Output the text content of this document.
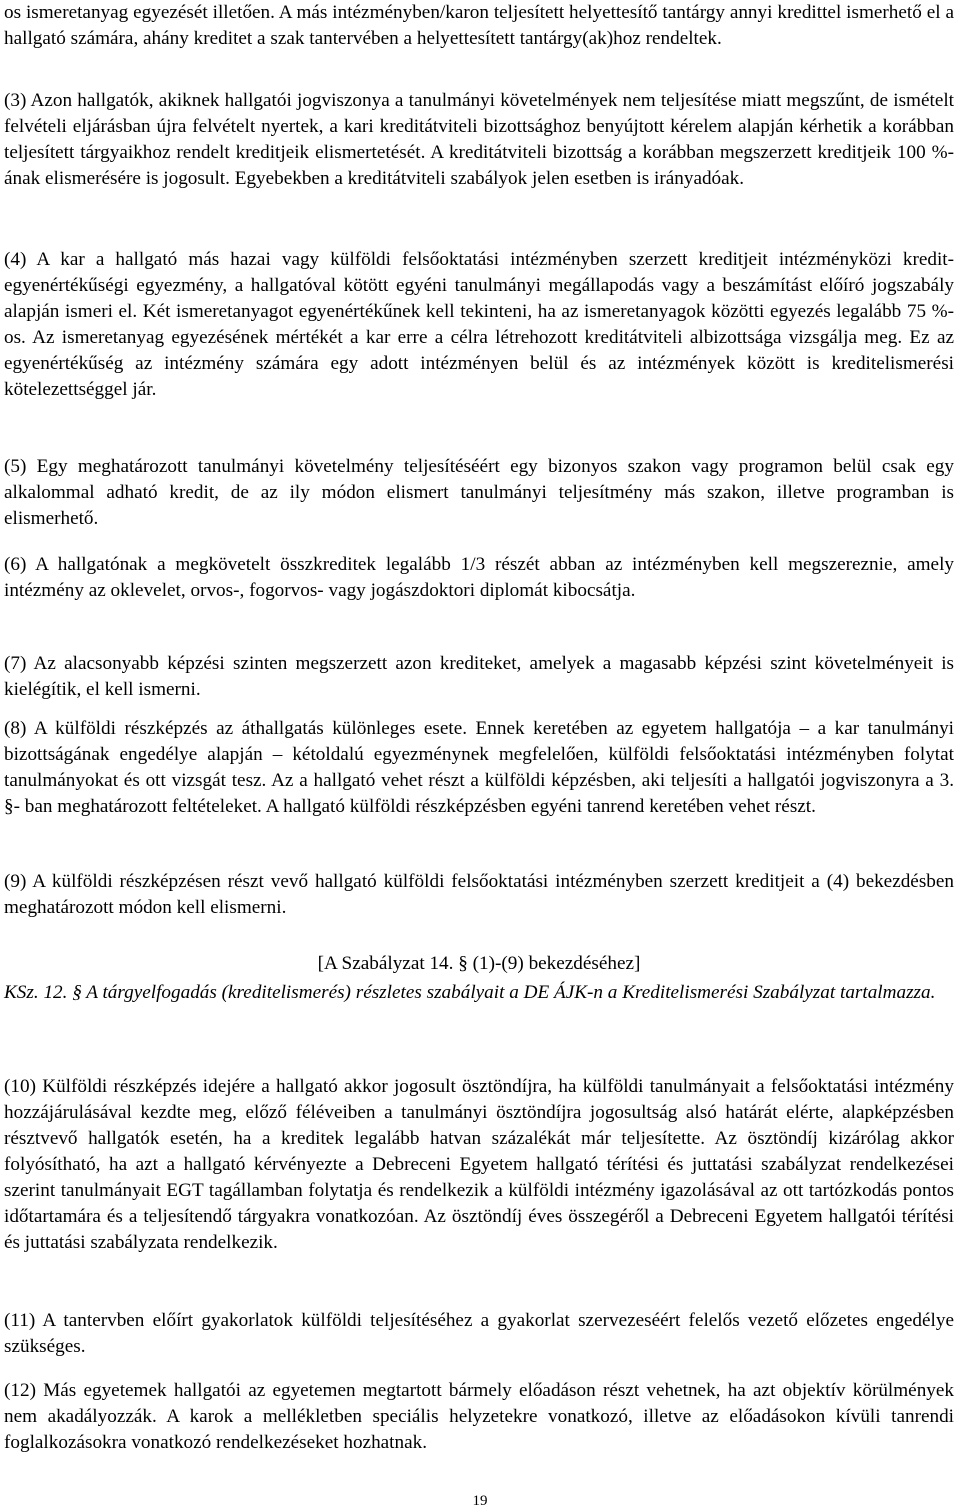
os ismeretanyag egyezését illetően. A más intézményben/karon teljesített helyettesítő tantárgy annyi kredittel ismerhető el a hallgató számára, ahány kreditet a szak tantervében a helyettesített tantárgy(ak)hoz rendeltek.

(3) Azon hallgatók, akiknek hallgatói jogviszonya a tanulmányi követelmények nem teljesítése miatt megszűnt, de ismételt felvételi eljárásban újra felvételt nyertek, a kari kreditátviteli bizottsághoz benyújtott kérelem alapján kérhetik a korábban teljesített tárgyaikhoz rendelt kreditjeik elismertetését. A kreditátviteli bizottság a korábban megszerzett kreditjeik 100 %-ának elismerésére is jogosult. Egyebekben a kreditátviteli szabályok jelen esetben is irányadóak.

(4) A kar a hallgató más hazai vagy külföldi felsőoktatási intézményben szerzett kreditjeit intézményközi kredit-egyenértékűségi egyezmény, a hallgatóval kötött egyéni tanulmányi megállapodás vagy a beszámítást előíró jogszabály alapján ismeri el. Két ismeretanyagot egyenértékűnek kell tekinteni, ha az ismeretanyagok közötti egyezés legalább 75 %-os. Az ismeretanyag egyezésének mértékét a kar erre a célra létrehozott kreditátviteli albizottsága vizsgálja meg. Ez az egyenértékűség az intézmény számára egy adott intézményen belül és az intézmények között is kreditelismerési kötelezettséggel jár.

(5) Egy meghatározott tanulmányi követelmény teljesítéséért egy bizonyos szakon vagy programon belül csak egy alkalommal adható kredit, de az ily módon elismert tanulmányi teljesítmény más szakon, illetve programban is elismerhető.

(6) A hallgatónak a megkövetelt összkreditek legalább 1/3 részét abban az intézményben kell megszereznie, amely intézmény az oklevelet, orvos-, fogorvos- vagy jogászdoktori diplomát kibocsátja.

(7) Az alacsonyabb képzési szinten megszerzett azon krediteket, amelyek a magasabb képzési szint követelményeit is kielégítik, el kell ismerni.

(8) A külföldi részképzés az áthallgatás különleges esete. Ennek keretében az egyetem hallgatója – a kar tanulmányi bizottságának engedélye alapján – kétoldalú egyezménynek megfelelően, külföldi felsőoktatási intézményben folytat tanulmányokat és ott vizsgát tesz. Az a hallgató vehet részt a külföldi képzésben, aki teljesíti a hallgatói jogviszonyra a 3. §- ban meghatározott feltételeket. A hallgató külföldi részképzésben egyéni tanrend keretében vehet részt.

(9) A külföldi részképzésen részt vevő hallgató külföldi felsőoktatási intézményben szerzett kreditjeit a (4) bekezdésben meghatározott módon kell elismerni.

[A Szabályzat 14. § (1)-(9) bekezdéséhez]

KSz. 12. § A tárgyelfogadás (kreditelismerés) részletes szabályait a DE ÁJK-n a Kreditelismerési Szabályzat tartalmazza.

(10) Külföldi részképzés idejére a hallgató akkor jogosult ösztöndíjra, ha külföldi tanulmányait a felsőoktatási intézmény hozzájárulásával kezdte meg, előző féléveiben a tanulmányi ösztöndíjra jogosultság alsó határát elérte, alapképzésben résztvevő hallgatók esetén, ha a kreditek legalább hatvan százalékát már teljesítette. Az ösztöndíj kizárólag akkor folyósítható, ha azt a hallgató kérvényezte a Debreceni Egyetem hallgató térítési és juttatási szabályzat rendelkezései szerint tanulmányait EGT tagállamban folytatja és rendelkezik a külföldi intézmény igazolásával az ott tartózkodás pontos időtartamára és a teljesítendő tárgyakra vonatkozóan. Az ösztöndíj éves összegéről a Debreceni Egyetem hallgatói térítési és juttatási szabályzata rendelkezik.

(11) A tantervben előírt gyakorlatok külföldi teljesítéséhez a gyakorlat szervezeséért felelős vezető előzetes engedélye szükséges.

(12) Más egyetemek hallgatói az egyetemen megtartott bármely előadáson részt vehetnek, ha azt objektív körülmények nem akadályozzák. A karok a mellékletben speciális helyzetekre vonatkozó, illetve az előadásokon kívüli tanrendi foglalkozásokra vonatkozó rendelkezéseket hozhatnak.

19
